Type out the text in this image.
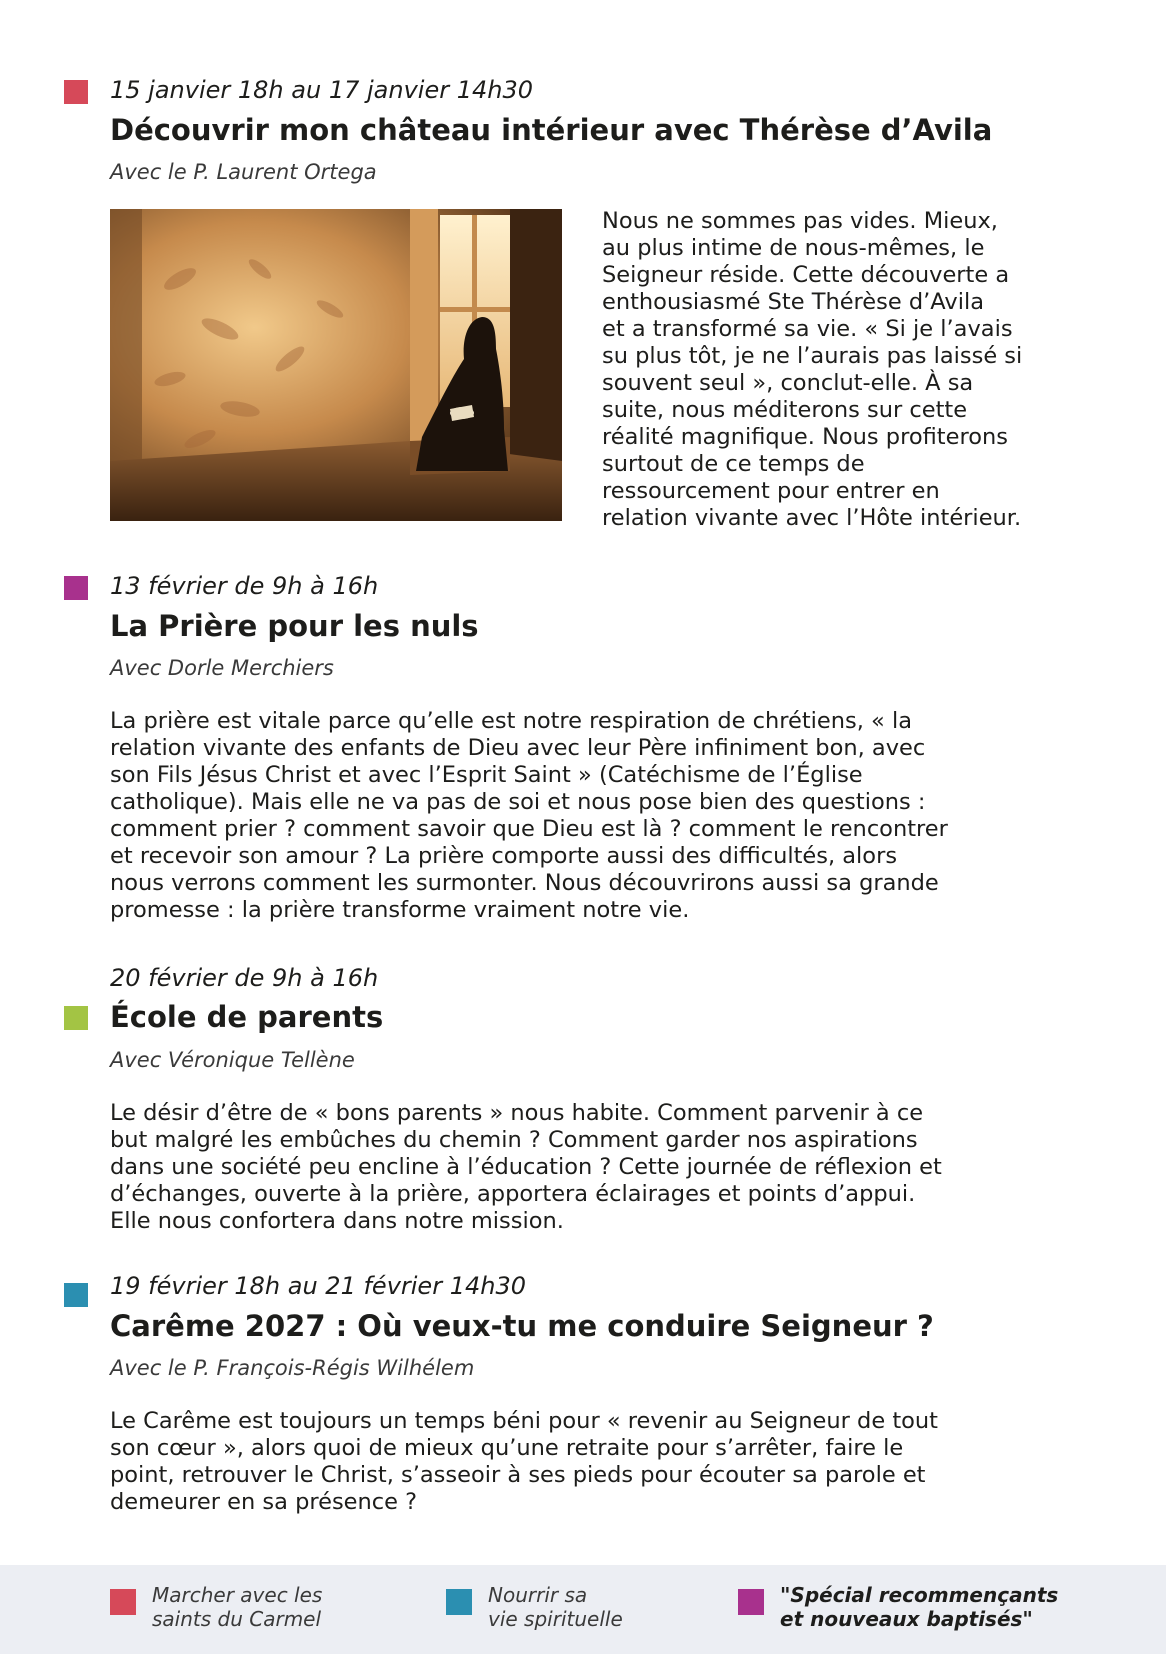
15 janvier 18h au 17 janvier 14h30

Découvrir mon château intérieur avec Thérèse d’Avila

Avec le P. Laurent Ortega

Nous ne sommes pas vides. Mieux,
au plus intime de nous-mêmes, le
Seigneur réside. Cette découverte a
enthousiasmé Ste Thérèse d’Avila
et a transformé sa vie. « Si je l’avais
su plus tôt, je ne l’aurais pas laissé si
souvent seul », conclut-elle. À sa
suite, nous méditerons sur cette
réalité magnifique. Nous profiterons
surtout de ce temps de
ressourcement pour entrer en
relation vivante avec l’Hôte intérieur.

13 février de 9h à 16h

La Prière pour les nuls

Avec Dorle Merchiers

La prière est vitale parce qu’elle est notre respiration de chrétiens, « la
relation vivante des enfants de Dieu avec leur Père infiniment bon, avec
son Fils Jésus Christ et avec l’Esprit Saint » (Catéchisme de l’Église
catholique). Mais elle ne va pas de soi et nous pose bien des questions :
comment prier ? comment savoir que Dieu est là ? comment le rencontrer
et recevoir son amour ? La prière comporte aussi des difficultés, alors
nous verrons comment les surmonter. Nous découvrirons aussi sa grande
promesse : la prière transforme vraiment notre vie.

20 février de 9h à 16h

École de parents

Avec Véronique Tellène

Le désir d’être de « bons parents » nous habite. Comment parvenir à ce
but malgré les embûches du chemin ? Comment garder nos aspirations
dans une société peu encline à l’éducation ? Cette journée de réflexion et
d’échanges, ouverte à la prière, apportera éclairages et points d’appui.
Elle nous confortera dans notre mission.

19 février 18h au 21 février 14h30

Carême 2027 : Où veux-tu me conduire Seigneur ?

Avec le P. François-Régis Wilhélem

Le Carême est toujours un temps béni pour « revenir au Seigneur de tout
son cœur », alors quoi de mieux qu’une retraite pour s’arrêter, faire le
point, retrouver le Christ, s’asseoir à ses pieds pour écouter sa parole et
demeurer en sa présence ?
Marcher avec les
saints du Carmel
Nourrir sa
vie spirituelle
"Spécial recommençants
et nouveaux baptisés"
